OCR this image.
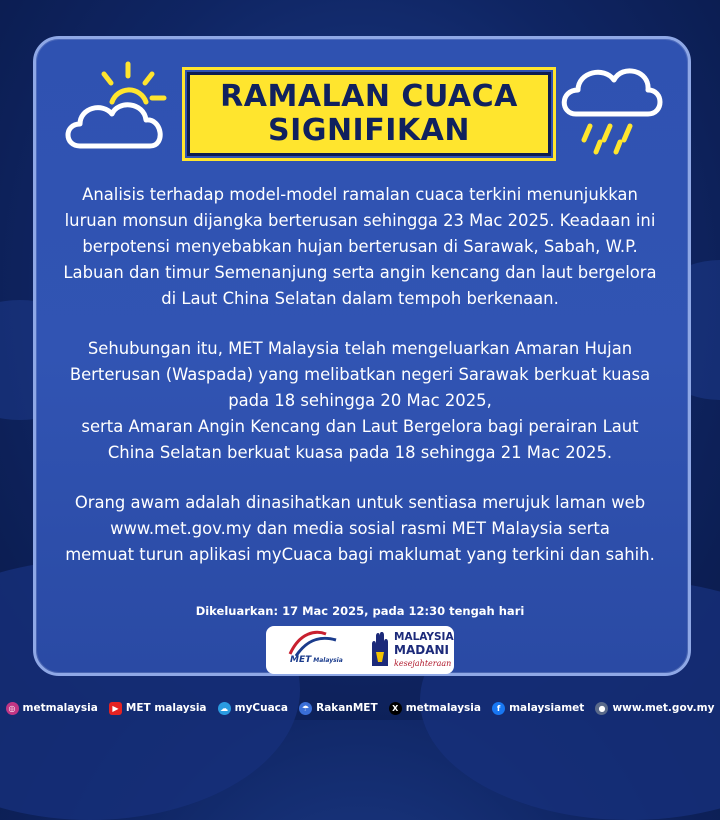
RAMALAN CUACA
SIGNIFIKAN
Analisis terhadap model-model ramalan cuaca terkini menunjukkan
luruan monsun dijangka berterusan sehingga 23 Mac 2025. Keadaan ini
berpotensi menyebabkan hujan berterusan di Sarawak, Sabah, W.P.
Labuan dan timur Semenanjung serta angin kencang dan laut bergelora
di Laut China Selatan dalam tempoh berkenaan.
Sehubungan itu, MET Malaysia telah mengeluarkan Amaran Hujan
Berterusan (Waspada) yang melibatkan negeri Sarawak berkuat kuasa
pada 18 sehingga 20 Mac 2025,
serta Amaran Angin Kencang dan Laut Bergelora bagi perairan Laut
China Selatan berkuat kuasa pada 18 sehingga 21 Mac 2025.
Orang awam adalah dinasihatkan untuk sentiasa merujuk laman web
www.met.gov.my dan media sosial rasmi MET Malaysia serta
memuat turun aplikasi myCuaca bagi maklumat yang terkini dan sahih.
Dikeluarkan: 17 Mac 2025, pada 12:30 tengah hari
MET Malaysia
MALAYSIA
MADANI
kesejahteraan
◎ metmalaysia	▶ MET malaysia	☁ myCuaca	☂ RakanMET	X metmalaysia	f malaysiamet	● www.met.gov.my
